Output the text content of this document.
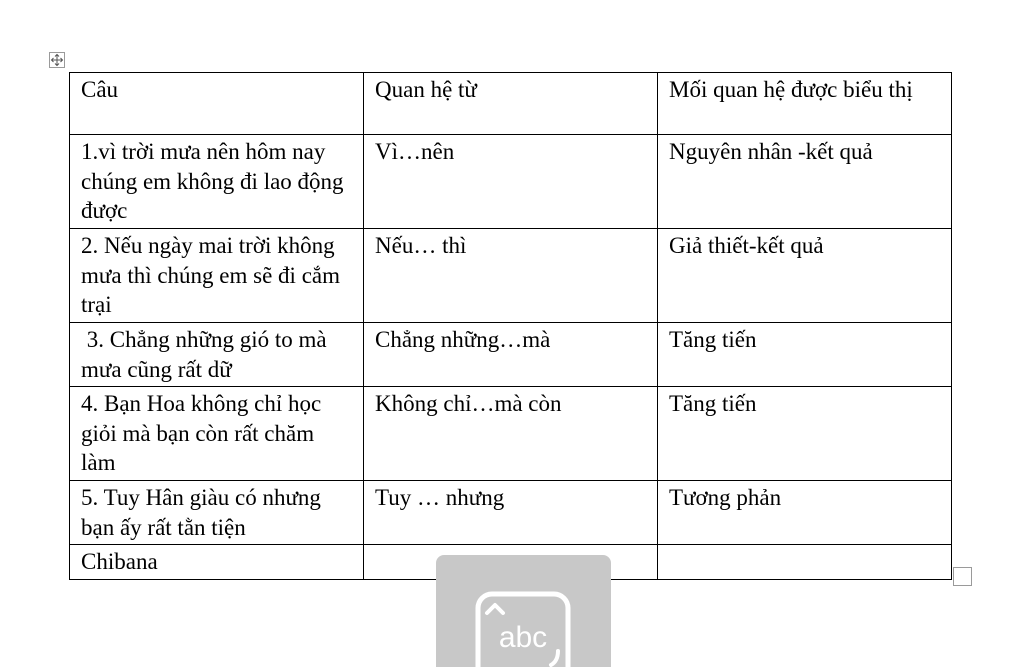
Câu	Quan hệ từ	Mối quan hệ được biểu thị
1.vì trời mưa nên hôm nay chúng em không đi lao động được	Vì…nên	Nguyên nhân -kết quả
2. Nếu ngày mai trời không mưa thì chúng em sẽ đi cắm trại	Nếu… thì	Giả thiết-kết quả
3. Chẳng những gió to mà mưa cũng rất dữ	Chẳng những…mà	Tăng tiến
4. Bạn Hoa không chỉ học giỏi mà bạn còn rất chăm làm	Không chỉ…mà còn	Tăng tiến
5. Tuy Hân giàu có nhưng bạn ấy rất tằn tiện	Tuy … nhưng	Tương phản
Chibana		
abc
